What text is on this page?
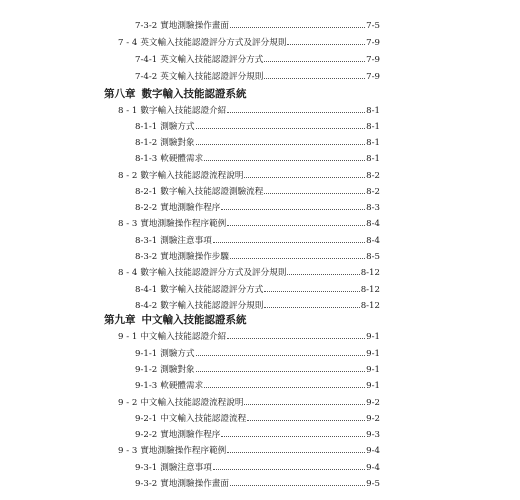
7-3-2 實地測驗操作畫面	7-5
7 - 4 英文輸入技能認證評分方式及評分規則	7-9
7-4-1 英文輸入技能認證評分方式	7-9
7-4-2 英文輸入技能認證評分規則	7-9
第八章 數字輸入技能認證系統
8 - 1 數字輸入技能認證介紹	8-1
8-1-1 測驗方式	8-1
8-1-2 測驗對象	8-1
8-1-3 軟硬體需求	8-1
8 - 2 數字輸入技能認證流程說明	8-2
8-2-1 數字輸入技能認證測驗流程	8-2
8-2-2 實地測驗作程序	8-3
8 - 3 實地測驗操作程序範例	8-4
8-3-1 測驗注意事項	8-4
8-3-2 實地測驗操作步驟	8-5
8 - 4 數字輸入技能認證評分方式及評分規則	8-12
8-4-1 數字輸入技能認證評分方式	8-12
8-4-2 數字輸入技能認證評分規則	8-12
第九章 中文輸入技能認證系統
9 - 1 中文輸入技能認證介紹	9-1
9-1-1 測驗方式	9-1
9-1-2 測驗對象	9-1
9-1-3 軟硬體需求	9-1
9 - 2 中文輸入技能認證流程說明	9-2
9-2-1 中文輸入技能認證流程	9-2
9-2-2 實地測驗作程序	9-3
9 - 3 實地測驗操作程序範例	9-4
9-3-1 測驗注意事項	9-4
9-3-2 實地測驗操作畫面	9-5
